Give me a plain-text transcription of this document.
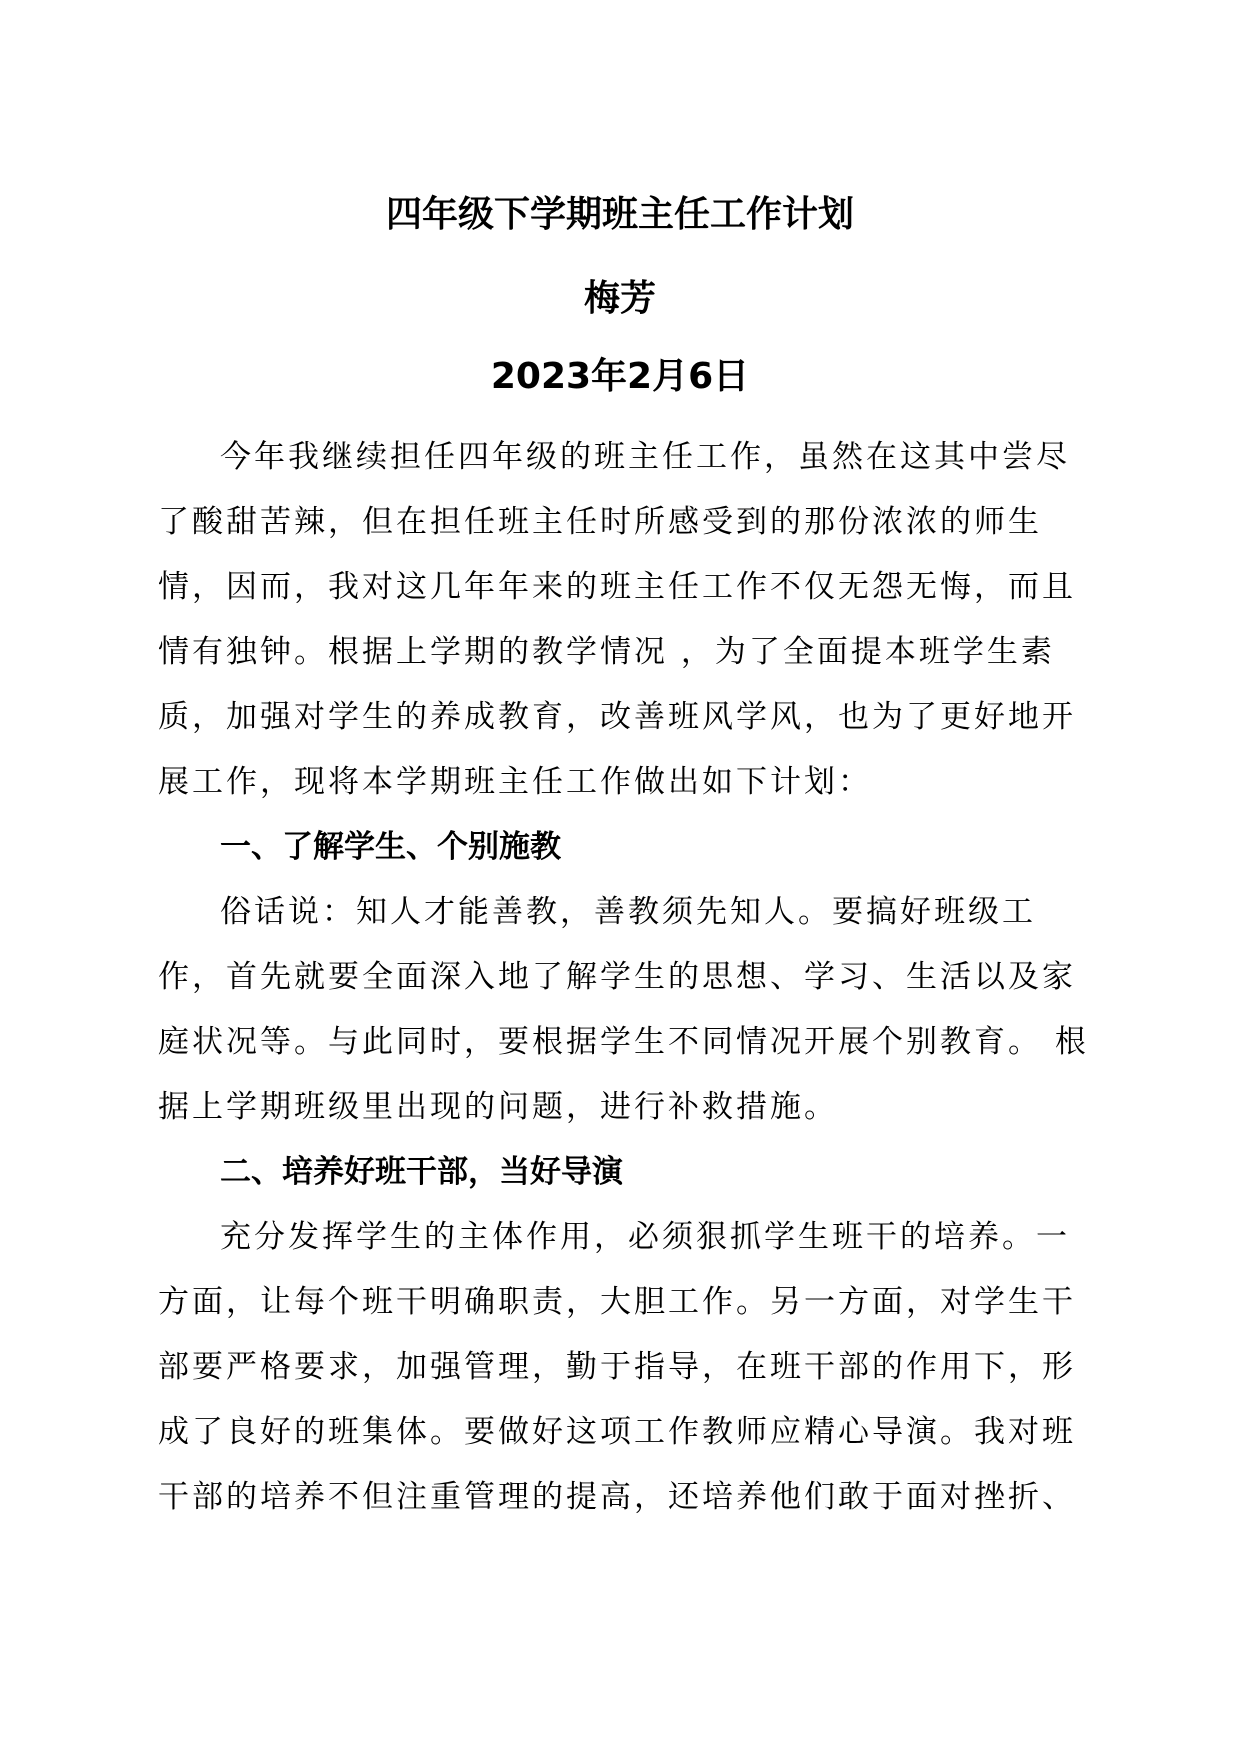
四年级下学期班主任工作计划
梅芳
2023年2月6日
今年我继续担任四年级的班主任工作，虽然在这其中尝尽
了酸甜苦辣，但在担任班主任时所感受到的那份浓浓的师生
情，因而，我对这几年年来的班主任工作不仅无怨无悔，而且
情有独钟。根据上学期的教学情况 ，为了全面提本班学生素
质，加强对学生的养成教育，改善班风学风，也为了更好地开
展工作，现将本学期班主任工作做出如下计划：
一、了解学生、个别施教
俗话说：知人才能善教，善教须先知人。要搞好班级工
作，首先就要全面深入地了解学生的思想、学习、生活以及家
庭状况等。与此同时，要根据学生不同情况开展个别教育。 根
据上学期班级里出现的问题，进行补救措施。
二、培养好班干部，当好导演
充分发挥学生的主体作用，必须狠抓学生班干的培养。一
方面，让每个班干明确职责，大胆工作。另一方面，对学生干
部要严格要求，加强管理，勤于指导，在班干部的作用下，形
成了良好的班集体。要做好这项工作教师应精心导演。我对班
干部的培养不但注重管理的提高，还培养他们敢于面对挫折、
